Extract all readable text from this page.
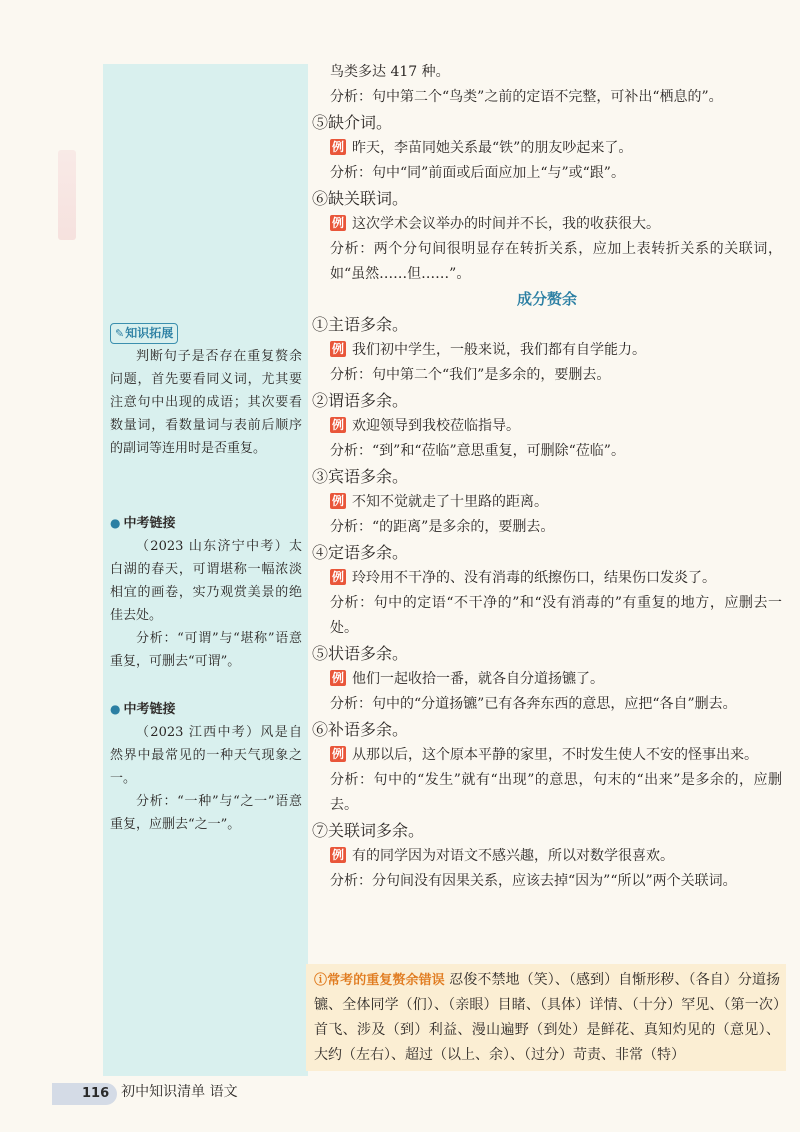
✎知识拓展

判断句子是否存在重复赘余问题，首先要看同义词，尤其要注意句中出现的成语；其次要看数量词，看数量词与表前后顺序的副词等连用时是否重复。

● 中考链接

（2023 山东济宁中考）太白湖的春天，可谓堪称一幅浓淡相宜的画卷，实乃观赏美景的绝佳去处。

分析：“可谓”与“堪称”语意重复，可删去“可谓”。

● 中考链接

（2023 江西中考）风是自然界中最常见的一种天气现象之一。

分析：“一种”与“之一”语意重复，应删去“之一”。

鸟类多达 417 种。
分析：句中第二个“鸟类”之前的定语不完整，可补出“栖息的”。
⑤缺介词。
例 昨天，李苗同她关系最“铁”的朋友吵起来了。
分析：句中“同”前面或后面应加上“与”或“跟”。
⑥缺关联词。
例 这次学术会议举办的时间并不长，我的收获很大。
分析：两个分句间很明显存在转折关系，应加上表转折关系的关联词，如“虽然……但……”。
成分赘余
①主语多余。
例 我们初中学生，一般来说，我们都有自学能力。
分析：句中第二个“我们”是多余的，要删去。
②谓语多余。
例 欢迎领导到我校莅临指导。
分析：“到”和“莅临”意思重复，可删除“莅临”。
③宾语多余。
例 不知不觉就走了十里路的距离。
分析：“的距离”是多余的，要删去。
④定语多余。
例 玲玲用不干净的、没有消毒的纸擦伤口，结果伤口发炎了。
分析：句中的定语“不干净的”和“没有消毒的”有重复的地方，应删去一处。
⑤状语多余。
例 他们一起收拾一番，就各自分道扬镳了。
分析：句中的“分道扬镳”已有各奔东西的意思，应把“各自”删去。
⑥补语多余。
例 从那以后，这个原本平静的家里，不时发生使人不安的怪事出来。
分析：句中的“发生”就有“出现”的意思，句末的“出来”是多余的，应删去。
⑦关联词多余。
例 有的同学因为对语文不感兴趣，所以对数学很喜欢。
分析：分句间没有因果关系，应该去掉“因为”“所以”两个关联词。
ⓘ常考的重复赘余错误 忍俊不禁地（笑）、（感到）自惭形秽、（各自）分道扬镳、全体同学（们）、（亲眼）目睹、（具体）详情、（十分）罕见、（第一次）首飞、涉及（到）利益、漫山遍野（到处）是鲜花、真知灼见的（意见）、大约（左右）、超过（以上、余）、（过分）苛责、非常（特）
116 初中知识清单 语文
